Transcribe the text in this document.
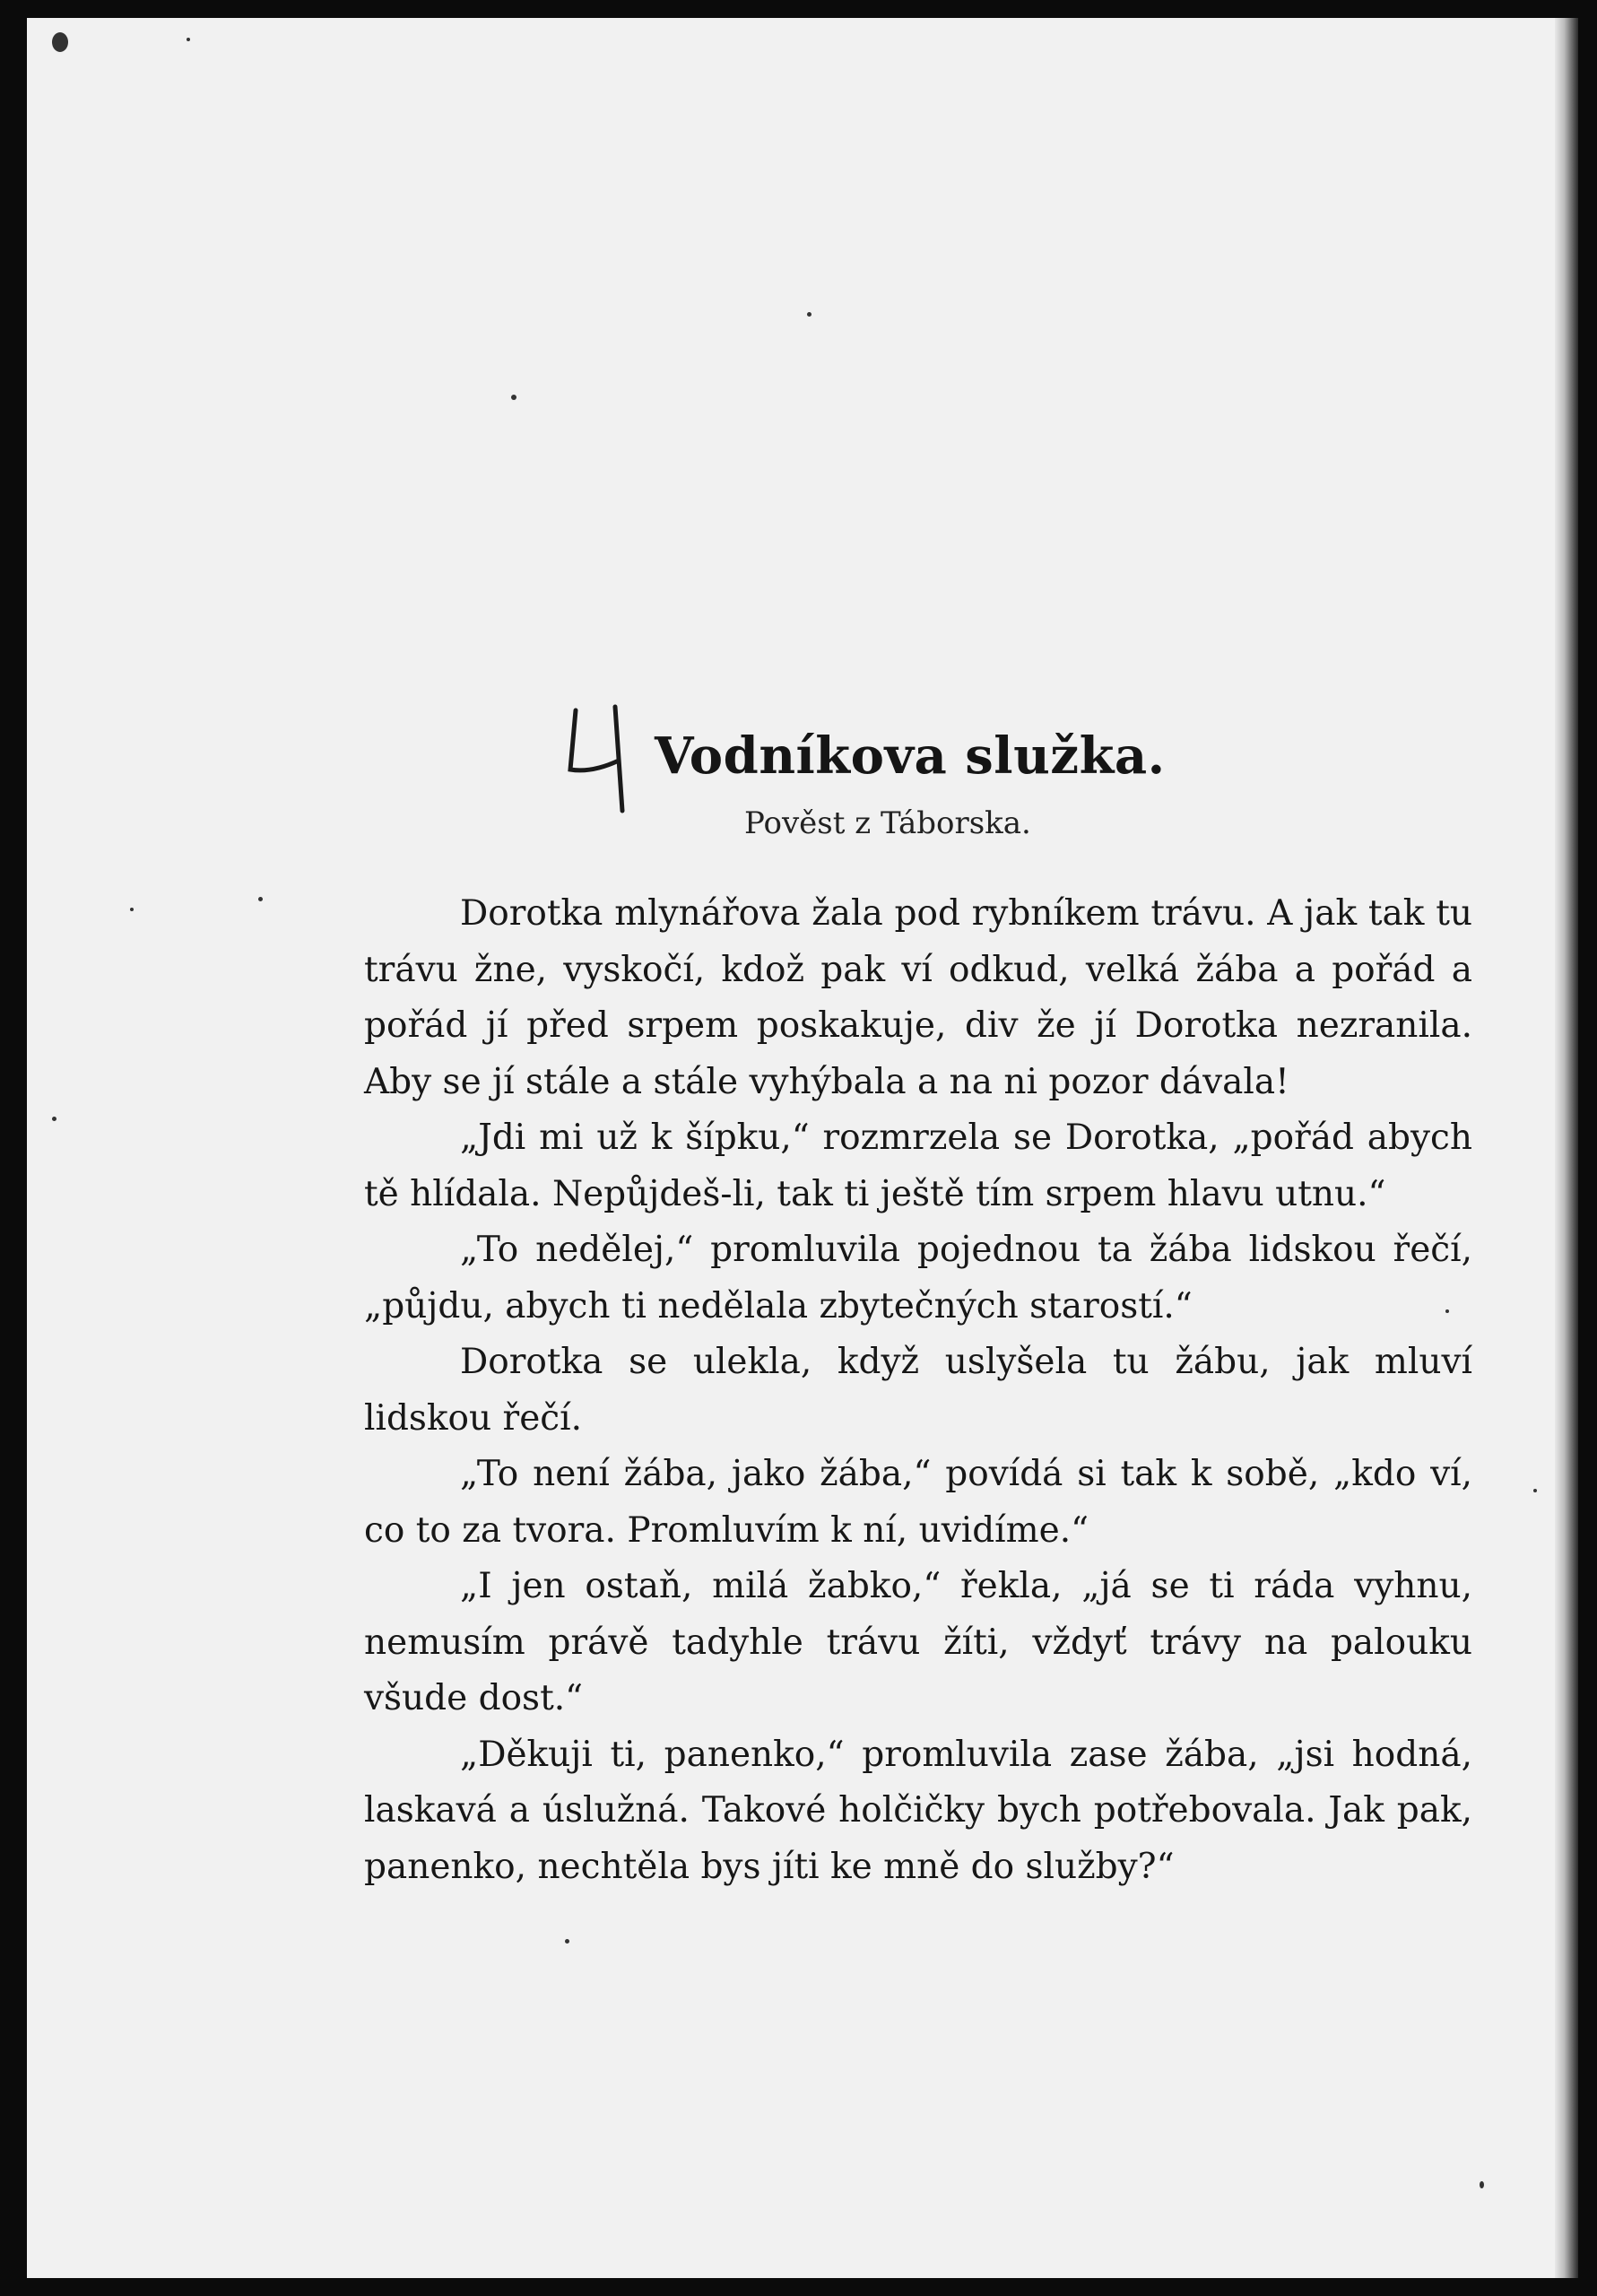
Vodníkova služka.
Pověst z Táborska.

Dorotka mlynářova žala pod rybníkem trávu. A jak tak tu trávu žne, vyskočí, kdož pak ví odkud, velká žába a pořád a pořád jí před srpem poskakuje, div že jí Dorotka nezranila. Aby se jí stále a stále vyhýbala a na ni pozor dávala!

„Jdi mi už k šípku,“ rozmrzela se Dorotka, „pořád abych tě hlídala. Nepůjdeš-li, tak ti ještě tím srpem hlavu utnu.“

„To nedělej,“ promluvila pojednou ta žába lidskou řečí, „půjdu, abych ti nedělala zbytečných starostí.“

Dorotka se ulekla, když uslyšela tu žábu, jak mluví lidskou řečí.

„To není žába, jako žába,“ povídá si tak k sobě, „kdo ví, co to za tvora. Promluvím k ní, uvidíme.“

„I jen ostaň, milá žabko,“ řekla, „já se ti ráda vyhnu, nemusím právě tadyhle trávu žíti, vždyť trávy na palouku všude dost.“

„Děkuji ti, panenko,“ promluvila zase žába, „jsi hodná, laskavá a úslužná. Takové holčičky bych potřebovala. Jak pak, panenko, nechtěla bys jíti ke mně do služby?“
